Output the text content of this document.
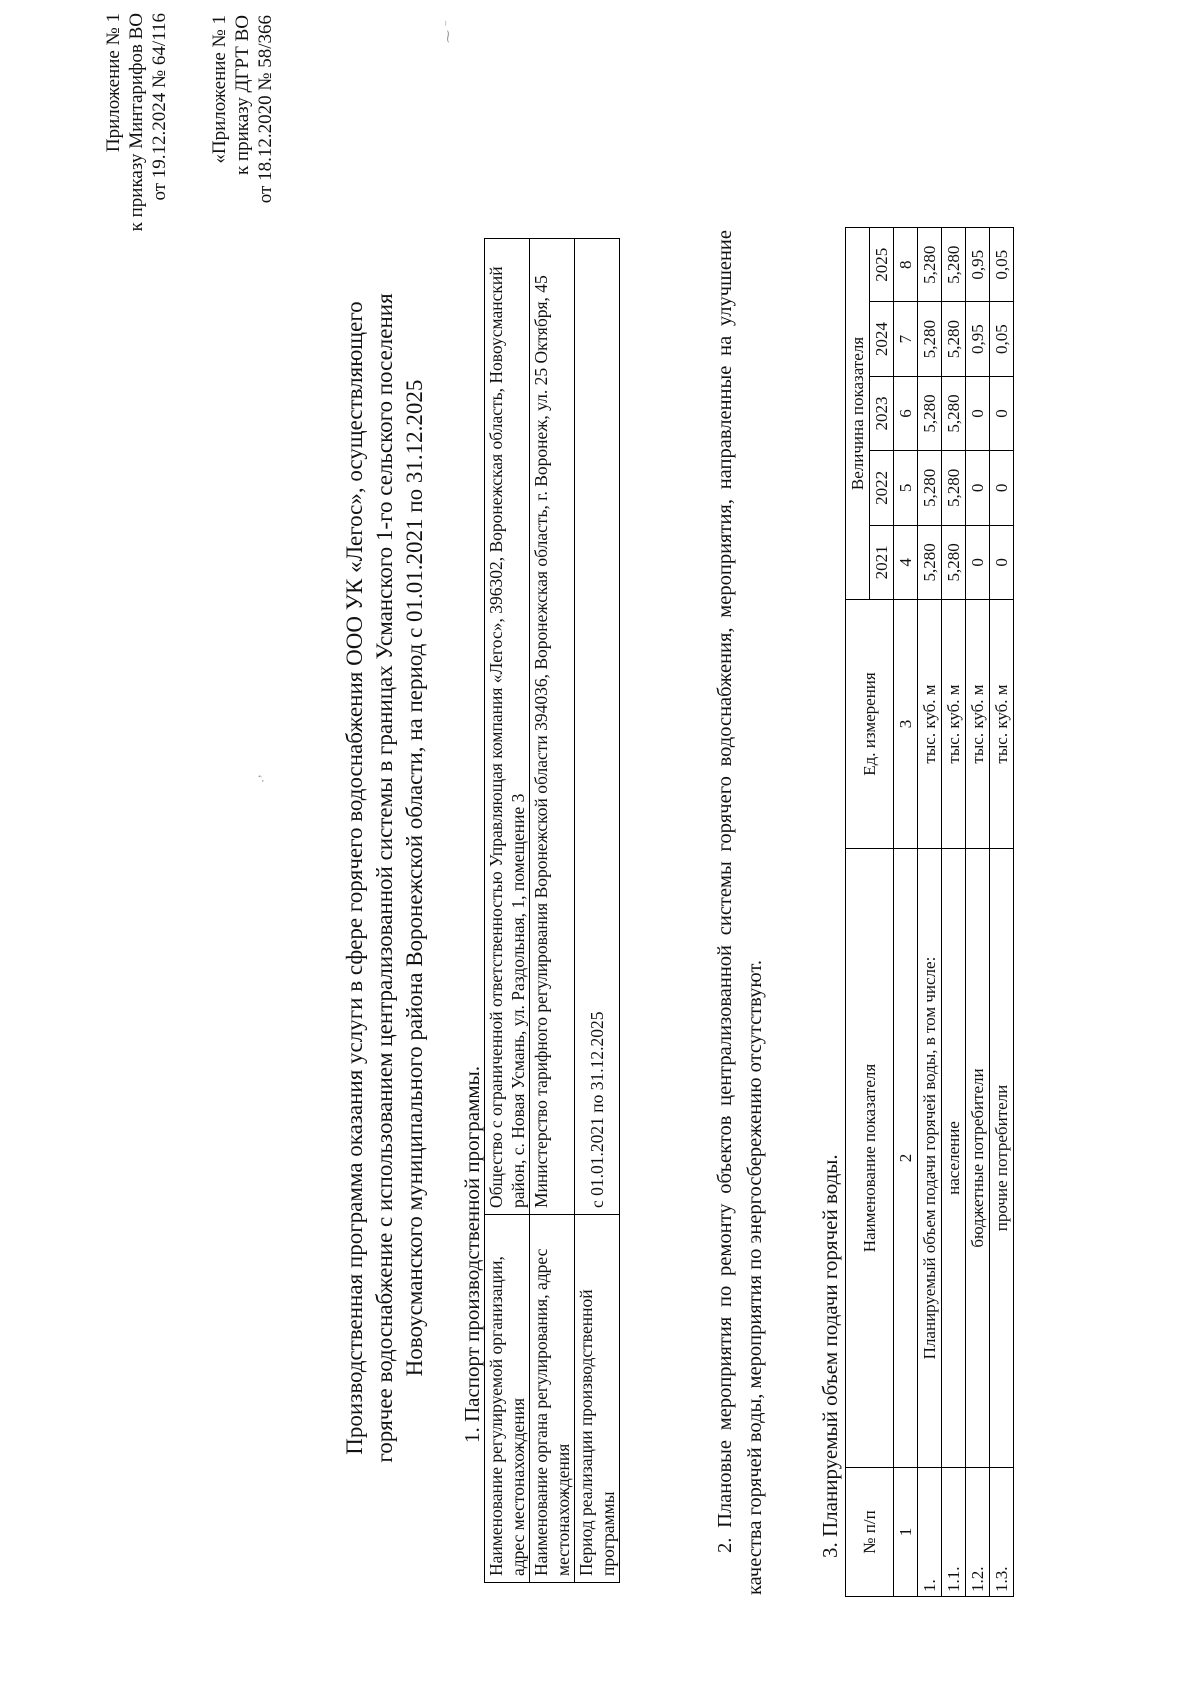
Приложение № 1 к приказу Минтарифов ВО от 19.12.2024 № 64/116 «Приложение № 1 к приказу ДГРТ ВО от 18.12.2020 № 58/366	⁓ ⁻
·ʼ	Производственная программа оказания услуги в сфере горячего водоснабжения ООО УК «Легос», осуществляющего горячее водоснабжение с использованием централизованной системы в границах Усманского 1-го сельского поселения Новоусманского муниципального района Воронежской области, на период с 01.01.2021 по 31.12.2025 1. Паспорт производственной программы. Наименование регулируемой организации, адрес местонахождения	Общество с ограниченной ответственностью Управляющая компания «Легос», 396302, Воронежская область, Новоусманский район, с. Новая Усмань, ул. Раздольная, 1, помещение 3
Наименование органа регулирования, адрес местонахождения	Министерство тарифного регулирования Воронежской области 394036, Воронежская область, г. Воронеж, ул. 25 Октября, 45
Период реализации производственной программы	с 01.01.2021 по 31.12.2025	2. Плановые мероприятия по ремонту объектов централизованной системы горячего водоснабжения, мероприятия, направленные на улучшение качества горячей воды, мероприятия по энергосбережению отсутствуют. 3. Планируемый объем подачи горячей воды. № п/п	Наименование показателя	Ед. измерения	Величина показателя				
			2021	2022	2023	2024	2025
1	2	3	4	5	6	7	8
1.	Планируемый объем подачи горячей воды, в том числе:	тыс. куб. м	5,280	5,280	5,280	5,280	5,280
1.1.	население	тыс. куб. м	5,280	5,280	5,280	5,280	5,280
1.2.	бюджетные потребители	тыс. куб. м	0	0	0	0,95	0,95
1.3.	прочие потребители	тыс. куб. м	0	0	0	0,05	0,05
